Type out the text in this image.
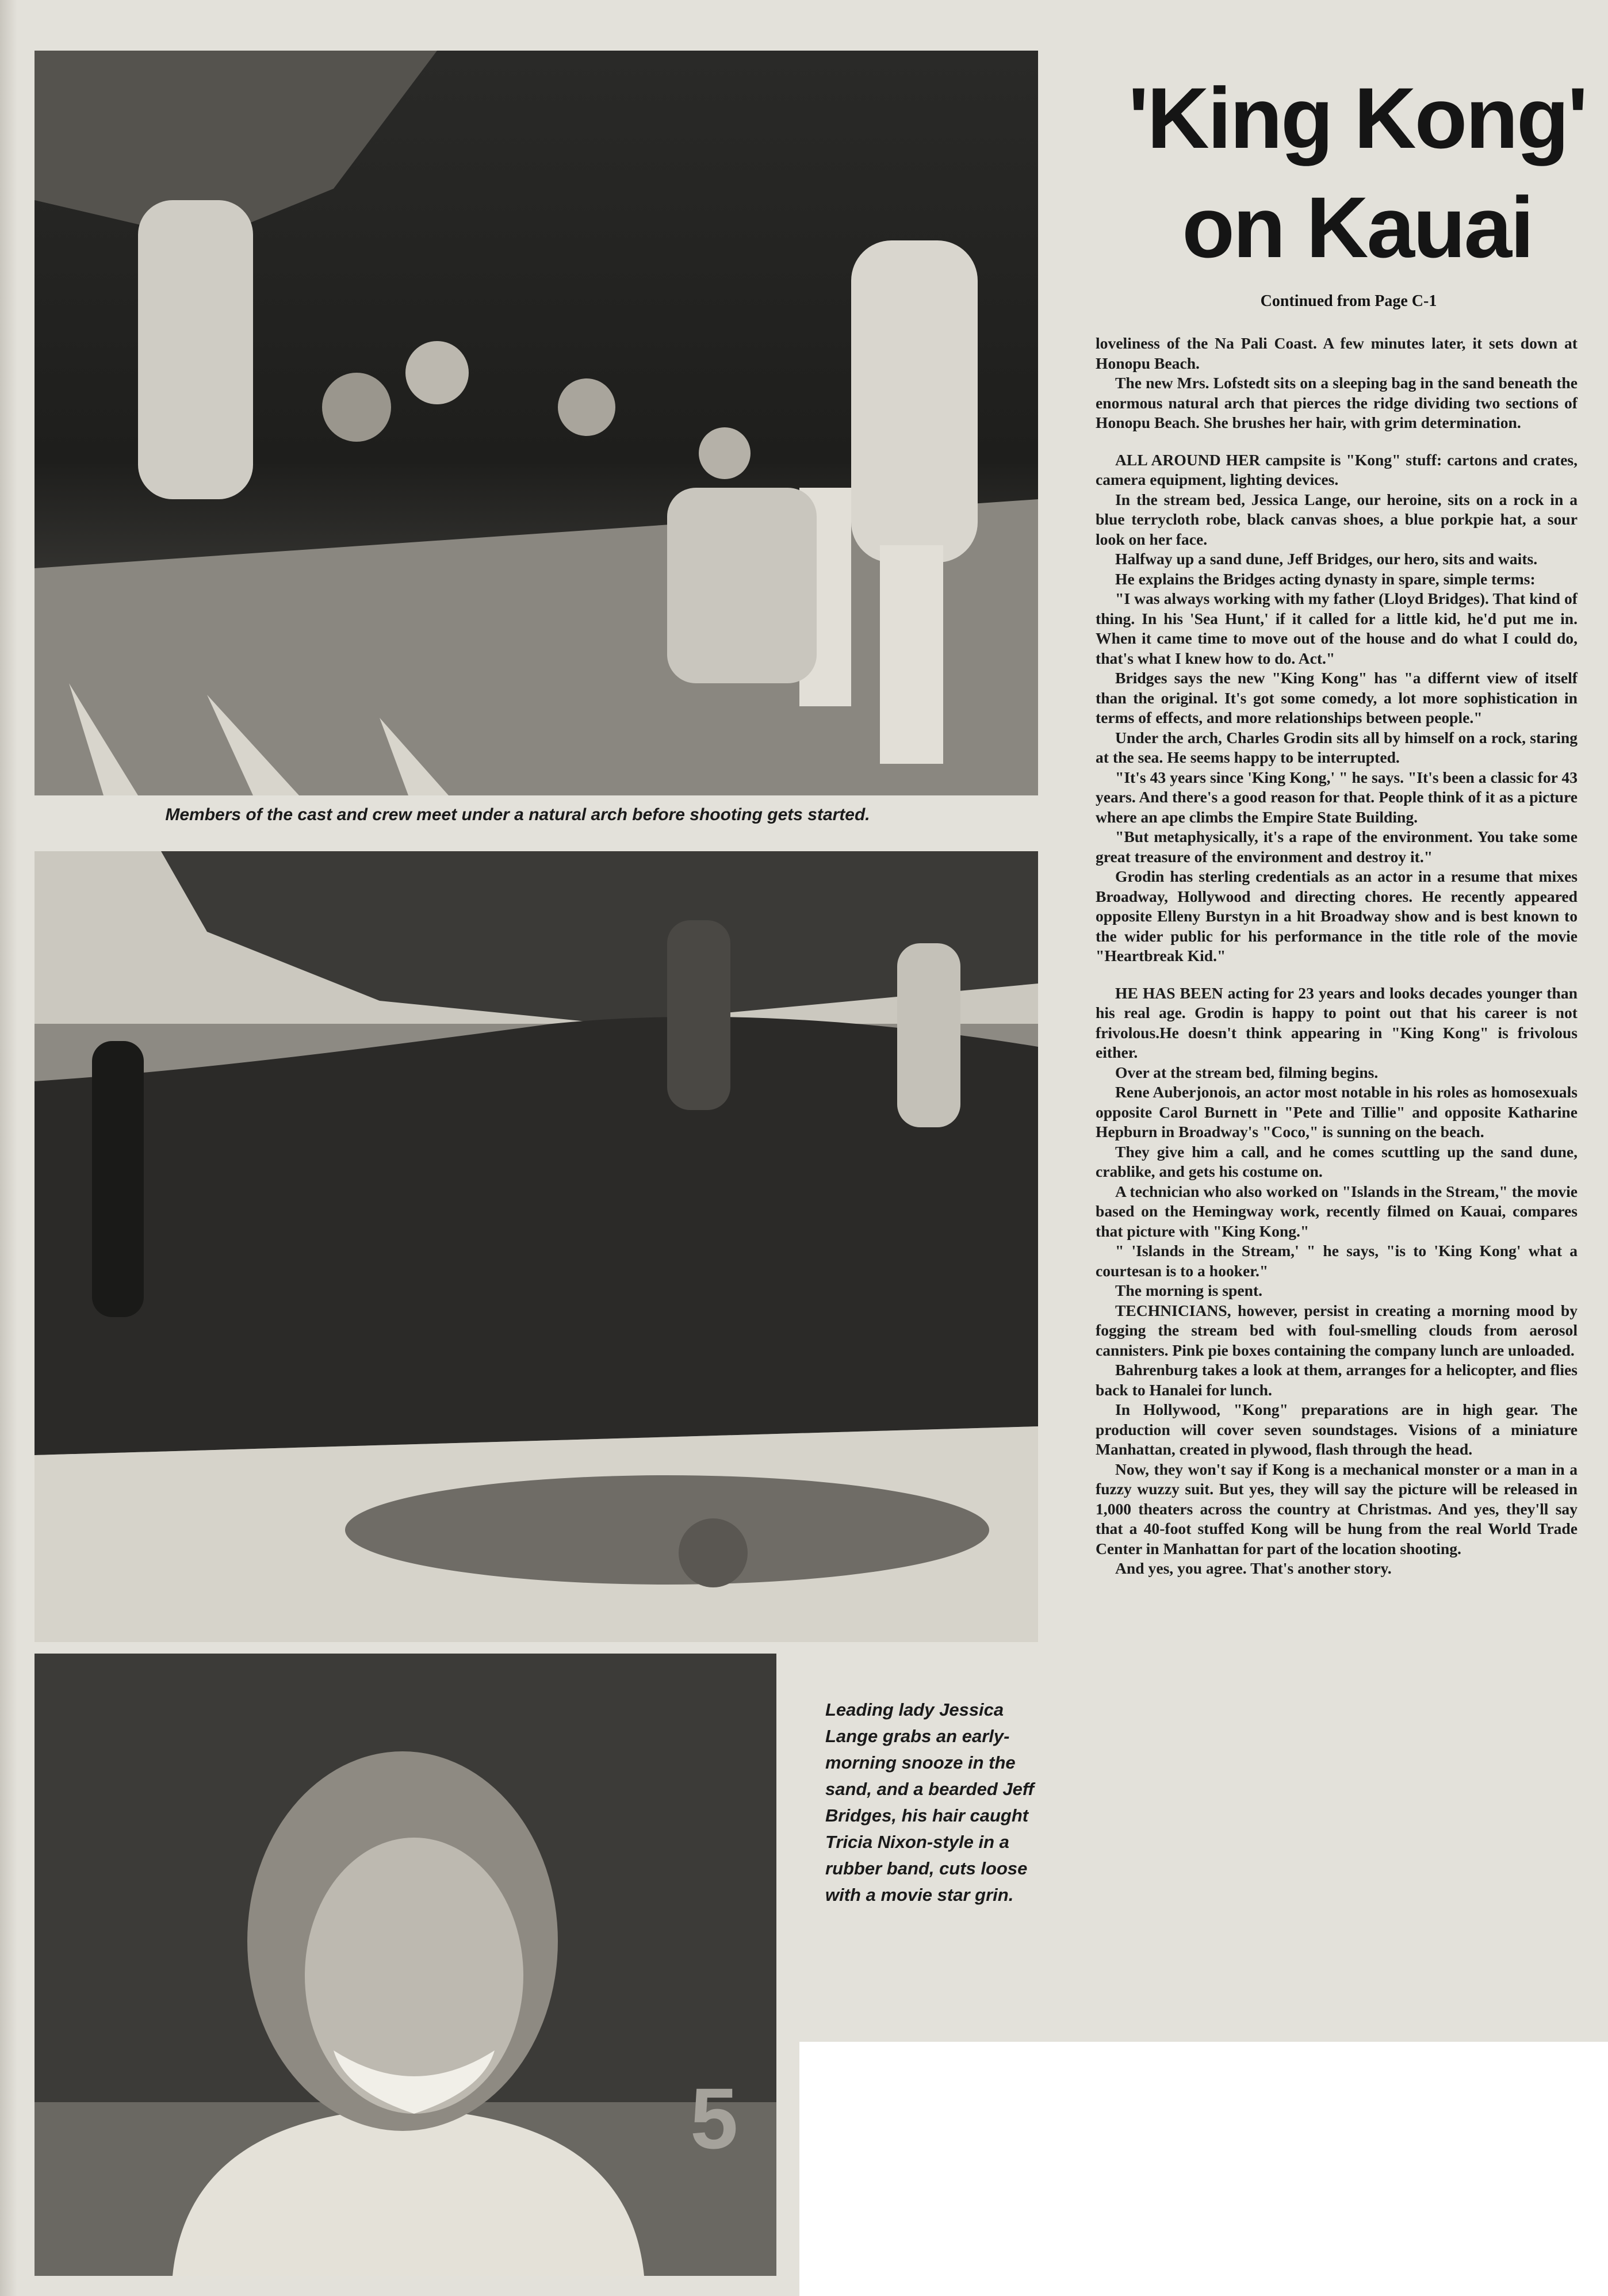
Members of the cast and crew meet under a natural arch before shooting gets started.
5
Leading lady Jessica Lange grabs an early-morning snooze in the sand, and a bearded Jeff Bridges, his hair caught Tricia Nixon-style in a rubber band, cuts loose with a movie star grin.
'King Kong'
on Kauai
Continued from Page C-1

loveliness of the Na Pali Coast. A few minutes later, it sets down at Honopu Beach.

The new Mrs. Lofstedt sits on a sleeping bag in the sand beneath the enormous natural arch that pierces the ridge dividing two sections of Honopu Beach. She brushes her hair, with grim determination.

ALL AROUND HER campsite is "Kong" stuff: cartons and crates, camera equipment, lighting devices.

In the stream bed, Jessica Lange, our heroine, sits on a rock in a blue terrycloth robe, black canvas shoes, a blue porkpie hat, a sour look on her face.

Halfway up a sand dune, Jeff Bridges, our hero, sits and waits.

He explains the Bridges acting dynasty in spare, simple terms:

"I was always working with my father (Lloyd Bridges). That kind of thing. In his 'Sea Hunt,' if it called for a little kid, he'd put me in. When it came time to move out of the house and do what I could do, that's what I knew how to do. Act."

Bridges says the new "King Kong" has "a differnt view of itself than the original. It's got some comedy, a lot more sophistication in terms of effects, and more relationships between people."

Under the arch, Charles Grodin sits all by himself on a rock, staring at the sea. He seems happy to be interrupted.

"It's 43 years since 'King Kong,' " he says. "It's been a classic for 43 years. And there's a good reason for that. People think of it as a picture where an ape climbs the Empire State Building.

"But metaphysically, it's a rape of the environment. You take some great treasure of the environment and destroy it."

Grodin has sterling credentials as an actor in a resume that mixes Broadway, Hollywood and directing chores. He recently appeared opposite Elleny Burstyn in a hit Broadway show and is best known to the wider public for his performance in the title role of the movie "Heartbreak Kid."

HE HAS BEEN acting for 23 years and looks decades younger than his real age. Grodin is happy to point out that his career is not frivolous.He doesn't think appearing in "King Kong" is frivolous either.

Over at the stream bed, filming begins.

Rene Auberjonois, an actor most notable in his roles as homosexuals opposite Carol Burnett in "Pete and Tillie" and opposite Katharine Hepburn in Broadway's "Coco," is sunning on the beach.

They give him a call, and he comes scuttling up the sand dune, crablike, and gets his costume on.

A technician who also worked on "Islands in the Stream," the movie based on the Hemingway work, recently filmed on Kauai, compares that picture with "King Kong."

" 'Islands in the Stream,' " he says, "is to 'King Kong' what a courtesan is to a hooker."

The morning is spent.

TECHNICIANS, however, persist in creating a morning mood by fogging the stream bed with foul-smelling clouds from aerosol cannisters. Pink pie boxes containing the company lunch are unloaded.

Bahrenburg takes a look at them, arranges for a helicopter, and flies back to Hanalei for lunch.

In Hollywood, "Kong" preparations are in high gear. The production will cover seven soundstages. Visions of a miniature Manhattan, created in plywood, flash through the head.

Now, they won't say if Kong is a mechanical monster or a man in a fuzzy wuzzy suit. But yes, they will say the picture will be released in 1,000 theaters across the country at Christmas. And yes, they'll say that a 40-foot stuffed Kong will be hung from the real World Trade Center in Manhattan for part of the location shooting.

And yes, you agree. That's another story.
